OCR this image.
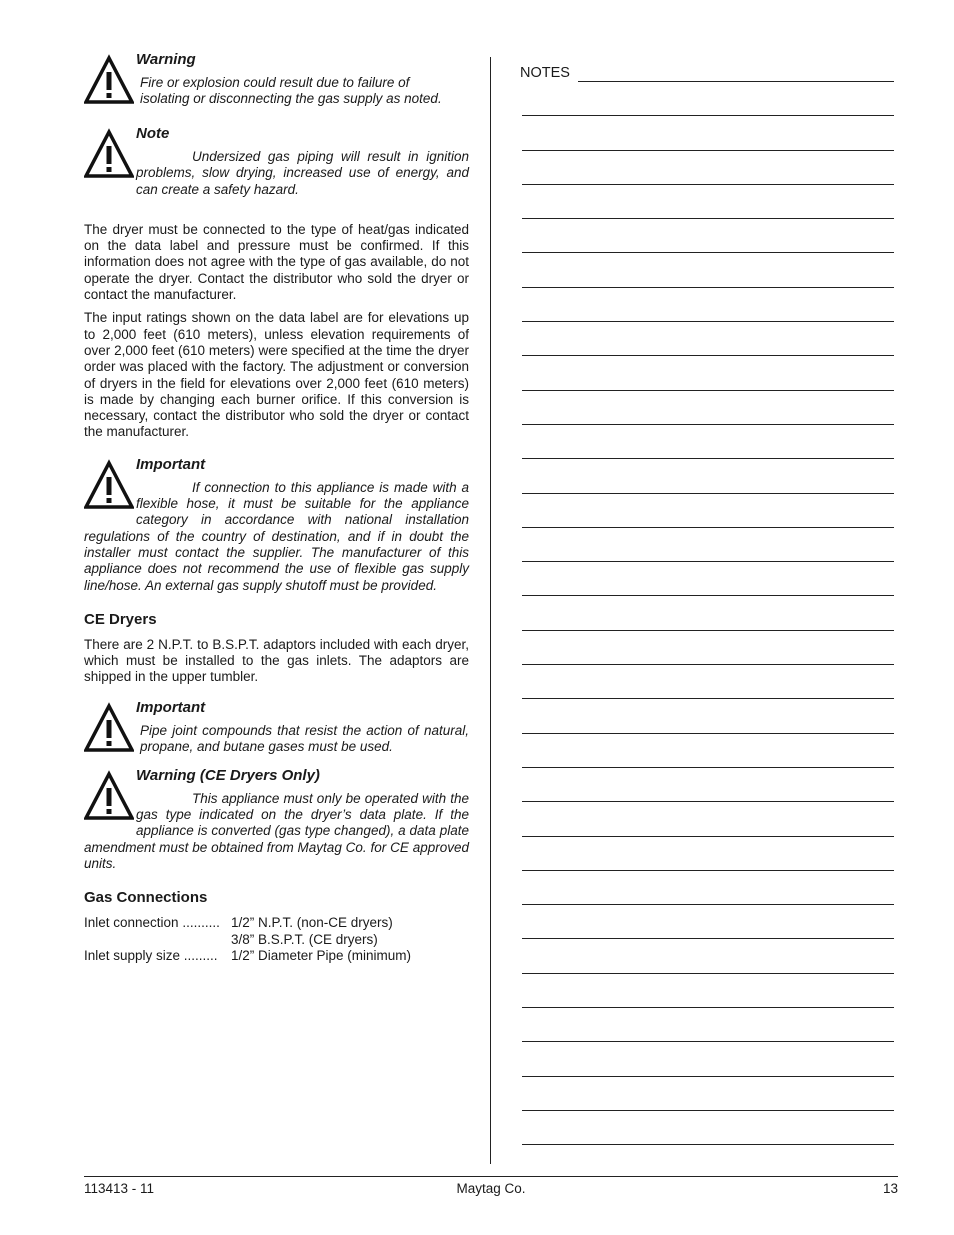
Warning
Fire or explosion could result due to failure of
isolating or disconnecting the gas supply as noted.
Note
Undersized gas piping will result in ignition problems, slow drying, increased use of energy, and can create a safety hazard.

The dryer must be connected to the type of heat/gas indicated on the data label and pressure must be confirmed. If this information does not agree with the type of gas available, do not operate the dryer. Contact the distributor who sold the dryer or contact the manufacturer.

The input ratings shown on the data label are for elevations up to 2,000 feet (610 meters), unless elevation requirements of over 2,000 feet (610 meters) were specified at the time the dryer order was placed with the factory. The adjustment or conversion of dryers in the field for elevations over 2,000 feet (610 meters) is made by changing each burner orifice. If this conversion is necessary, contact the distributor who sold the dryer or contact the manufacturer.

Important
If connection to this appliance is made with a flexible hose, it must be suitable for the appliance category in accordance with national installation regulations of the country of destination, and if in doubt the installer must contact the supplier. The manufacturer of this appliance does not recommend the use of flexible gas supply line/hose. An external gas supply shutoff must be provided.
CE Dryers

There are 2 N.P.T. to B.S.P.T. adaptors included with each dryer, which must be installed to the gas inlets. The adaptors are shipped in the upper tumbler.

Important
Pipe joint compounds that resist the action of natural, propane, and butane gases must be used.
Warning (CE Dryers Only)
This appliance must only be operated with the gas type indicated on the dryer’s data plate. If the appliance is converted (gas type changed), a data plate amendment must be obtained from Maytag Co. for CE approved units.
Gas Connections
Inlet connection .......... 1/2” N.P.T. (non-CE dryers)
3/8” B.S.P.T. (CE dryers)
Inlet supply size ......... 1/2” Diameter Pipe (minimum)
NOTES
113413 - 11	Maytag Co.	13
